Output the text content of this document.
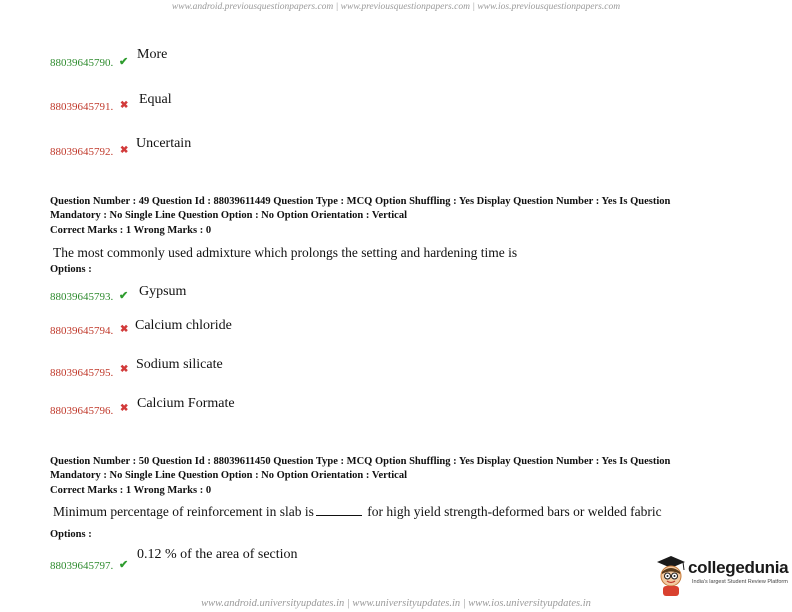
www.android.previousquestionpapers.com | www.previousquestionpapers.com | www.ios.previousquestionpapers.com
88039645790. ✔ More
88039645791. ✖ Equal
88039645792. ✖ Uncertain
Question Number : 49 Question Id : 88039611449 Question Type : MCQ Option Shuffling : Yes Display Question Number : Yes Is Question
Mandatory : No Single Line Question Option : No Option Orientation : Vertical
Correct Marks : 1 Wrong Marks : 0
The most commonly used admixture which prolongs the setting and hardening time is
Options :
88039645793. ✔ Gypsum
88039645794. ✖ Calcium chloride
88039645795. ✖ Sodium silicate
88039645796. ✖ Calcium Formate
Question Number : 50 Question Id : 88039611450 Question Type : MCQ Option Shuffling : Yes Display Question Number : Yes Is Question
Mandatory : No Single Line Question Option : No Option Orientation : Vertical
Correct Marks : 1 Wrong Marks : 0
Minimum percentage of reinforcement in slab is	for high yield strength-deformed bars or welded fabric
Options :
88039645797. ✔
0.12 % of the area of section
collegedunia
India's largest Student Review Platform
www.android.universityupdates.in | www.universityupdates.in | www.ios.universityupdates.in
